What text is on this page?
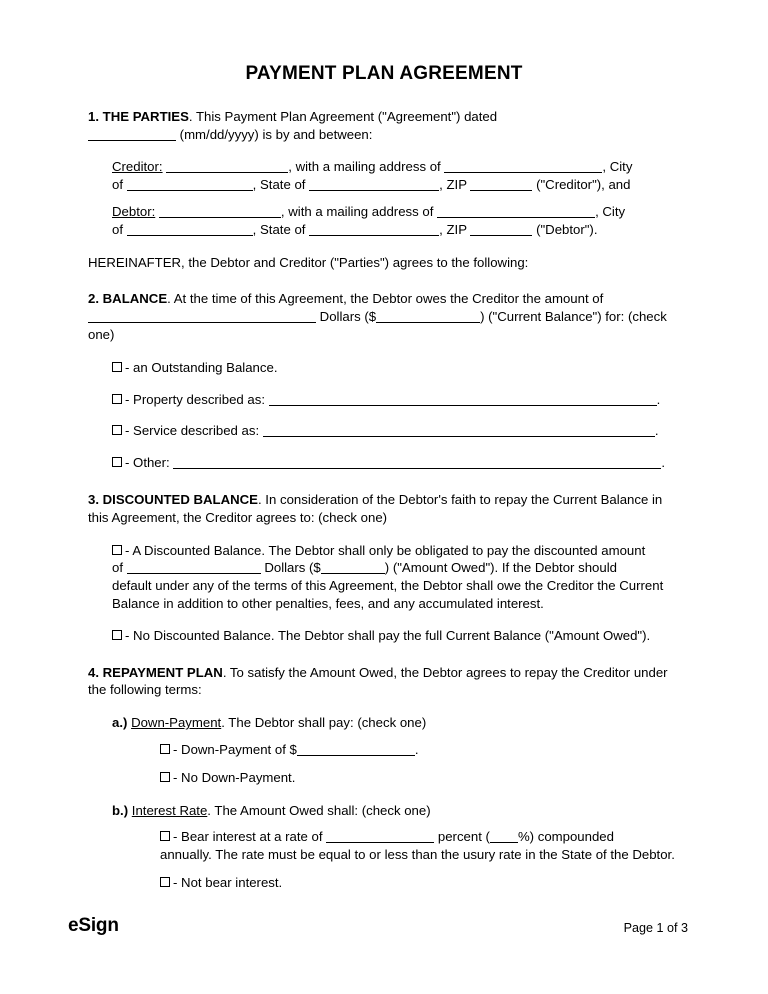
PAYMENT PLAN AGREEMENT

1. THE PARTIES. This Payment Plan Agreement ("Agreement") dated
(mm/dd/yyyy) is by and between:

Creditor:	, with a mailing address of	, City
of	, State of	, ZIP	("Creditor"), and

Debtor:	, with a mailing address of	, City
of	, State of	, ZIP	("Debtor").

HEREINAFTER, the Debtor and Creditor ("Parties") agrees to the following:

2. BALANCE. At the time of this Agreement, the Debtor owes the Creditor the amount of
Dollars ($	) ("Current Balance") for: (check one)

- an Outstanding Balance.
- Property described as:	.
- Service described as:	.
- Other:	.

3. DISCOUNTED BALANCE. In consideration of the Debtor's faith to repay the Current Balance in this Agreement, the Creditor agrees to: (check one)

- A Discounted Balance. The Debtor shall only be obligated to pay the discounted amount
of	Dollars ($	) ("Amount Owed"). If the Debtor should

default under any of the terms of this Agreement, the Debtor shall owe the Creditor the Current Balance in addition to other penalties, fees, and any accumulated interest.
- No Discounted Balance. The Debtor shall pay the full Current Balance ("Amount Owed").

4. REPAYMENT PLAN. To satisfy the Amount Owed, the Debtor agrees to repay the Creditor under the following terms:

a.) Down-Payment. The Debtor shall pay: (check one)

- Down-Payment of $	.
- No Down-Payment.

b.) Interest Rate. The Amount Owed shall: (check one)

- Bear interest at a rate of	percent ( %) compounded

annually. The rate must be equal to or less than the usury rate in the State of the Debtor.
- Not bear interest.
eSign	Page 1 of 3
